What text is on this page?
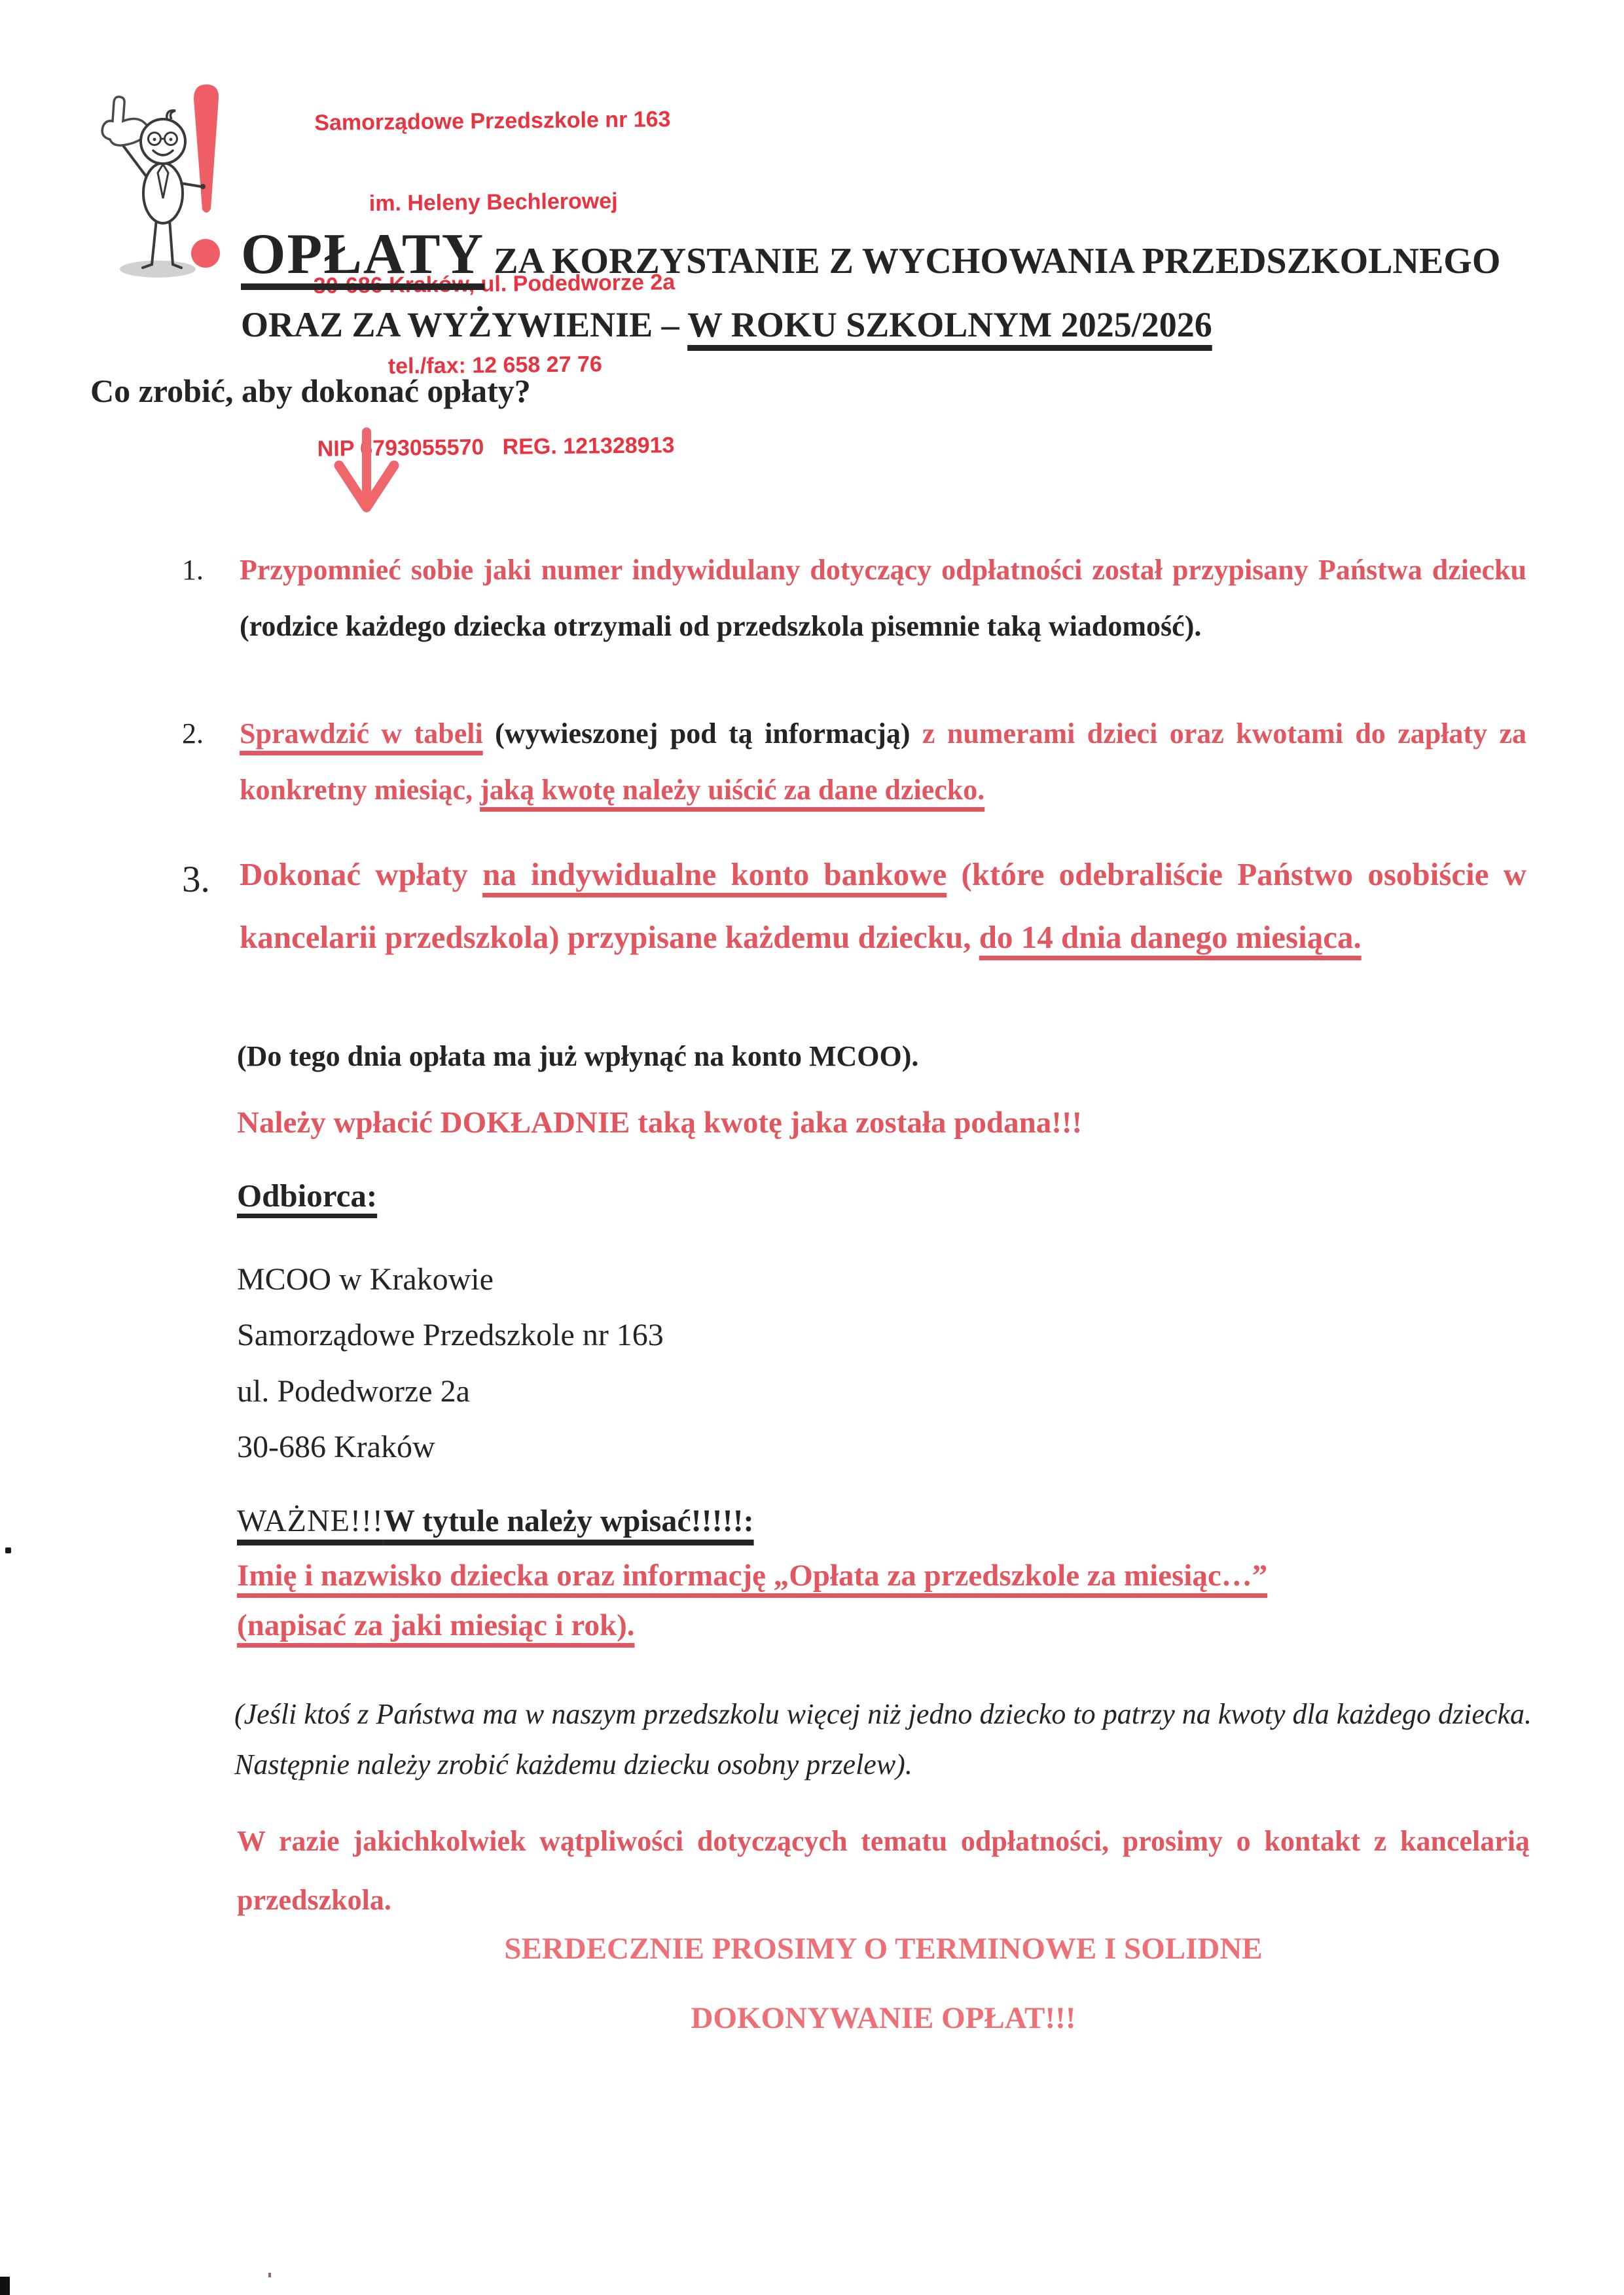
Samorządowe Przedszkole nr 163

im. Heleny Bechlerowej

30-686 Kraków, ul. Podedworze 2a

tel./fax: 12 658 27 76

NIP 6793055570   REG. 121328913

OPŁATY ZA KORZYSTANIE Z WYCHOWANIA PRZEDSZKOLNEGO
ORAZ ZA WYŻYWIENIE – W ROKU SZKOLNYM 2025/2026
Co zrobić, aby dokonać opłaty?
1. Przypomnieć sobie jaki numer indywidulany dotyczący odpłatności został przypisany Państwa dziecku (rodzice każdego dziecka otrzymali od przedszkola pisemnie taką wiadomość).
2. Sprawdzić w tabeli (wywieszonej pod tą informacją) z numerami dzieci oraz kwotami do zapłaty za konkretny miesiąc, jaką kwotę należy uiścić za dane dziecko.
3. Dokonać wpłaty na indywidualne konto bankowe (które odebraliście Państwo osobiście w kancelarii przedszkola) przypisane każdemu dziecku, do 14 dnia danego miesiąca.
(Do tego dnia opłata ma już wpłynąć na konto MCOO).
Należy wpłacić DOKŁADNIE taką kwotę jaka została podana!!!
Odbiorca:
MCOO w Krakowie
Samorządowe Przedszkole nr 163
ul. Podedworze 2a
30-686 Kraków
WAŻNE!!!W tytule należy wpisać!!!!!:
Imię i nazwisko dziecka oraz informację „Opłata za przedszkole za miesiąc…”
(napisać za jaki miesiąc i rok).
(Jeśli ktoś z Państwa ma w naszym przedszkolu więcej niż jedno dziecko to patrzy na kwoty dla każdego dziecka. Następnie należy zrobić każdemu dziecku osobny przelew).
W razie jakichkolwiek wątpliwości dotyczących tematu odpłatności, prosimy o kontakt z kancelarią przedszkola.
SERDECZNIE PROSIMY O TERMINOWE I SOLIDNE
DOKONYWANIE OPŁAT!!!
